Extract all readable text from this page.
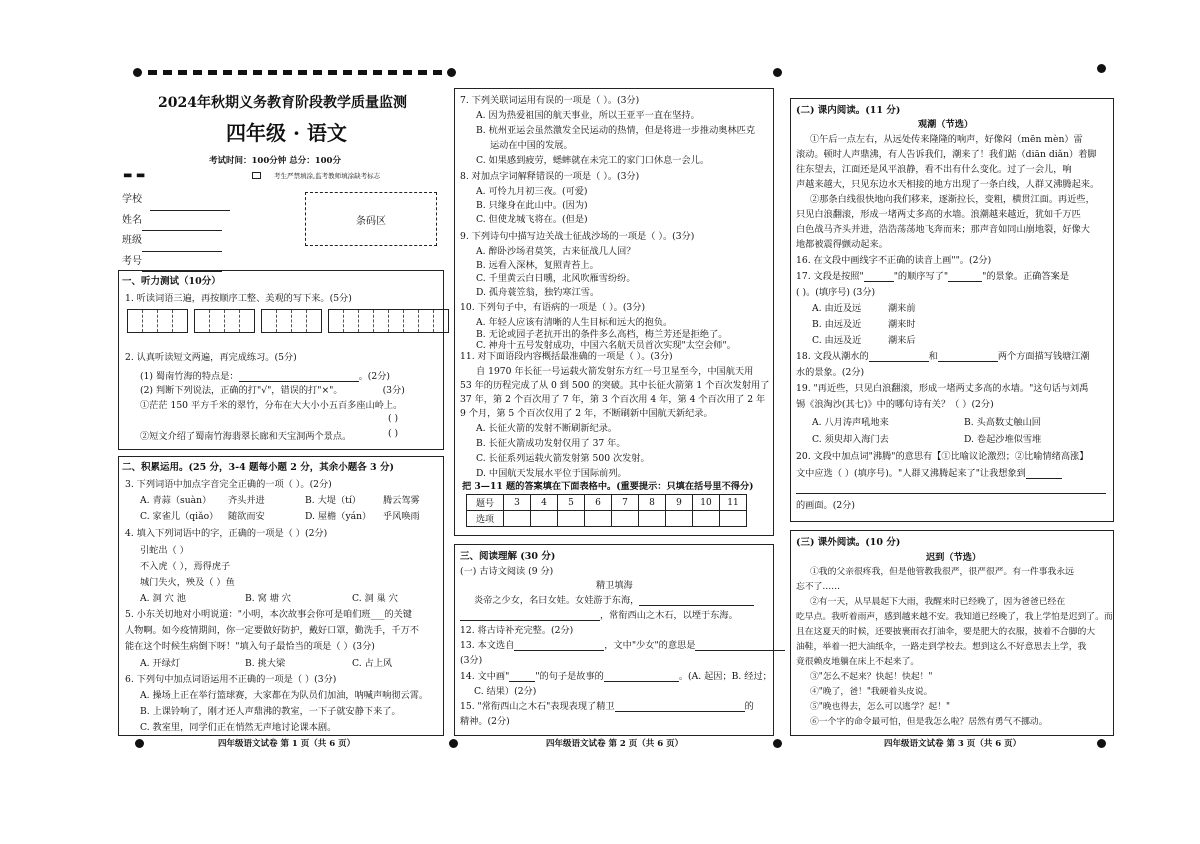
2024年秋期义务教育阶段教学质量监测
四年级 · 语文
考试时间：100分钟 总分：100分
▬ ▬	考生严禁填涂,监考教师填涂缺考标志
学校
姓名
班级
考号
条码区
一、听力测试（10分）
1. 听读词语三遍，再按顺序工整、美观的写下来。(5分)
2. 认真听读短文两遍，再完成练习。(5分)
(1) 蜀南竹海的特点是：	。(2分)
(2) 判断下列说法，正确的打"√"，错误的打"×"。	(3分)
①茫茫 150 平方千米的翠竹，分布在大大小小五百多座山岭上。
( )
②短文介绍了蜀南竹海翡翠长廊和天宝洞两个景点。	( )
二、积累运用。(25 分，3-4 题每小题 2 分，其余小题各 3 分)
3. 下列词语中加点字音完全正确的一项（ ）。(2分)
A. 青蒜（suàn） 齐头并进	B. 大堤（tí） 腾云驾雾
C. 家雀儿（qiǎo） 随欲而安	D. 屋檐（yán） 乎风唤雨
4. 填入下列词语中的字，正确的一项是（ ）(2分)
引蛇出（ ）
不入虎（ ），焉得虎子
城门失火，殃及（ ）鱼
A. 洞 穴 池	B. 窝 塘 穴	C. 洞 巢 穴
5. 小东关切地对小明说道："小明，本次故事会你可是咱们班___的关键
人物啊。如今疫情期间，你一定要做好防护，戴好口罩，勤洗手，千万不
能在这个时候生病倒下呀！"填入句子最恰当的项是（ ）(3分)
A. 开绿灯	B. 挑大梁	C. 占上风
6. 下列句中加点词语运用不正确的一项是（ ）(3分)
A. 操场上正在举行篮球赛，大家都在为队员们加油，呐喊声响彻云霄。
B. 上课铃响了，刚才还人声鼎沸的教室，一下子就安静下来了。
C. 教室里，同学们正在悄然无声地讨论课本剧。
四年级语文试卷 第 1 页（共 6 页）
7. 下列关联词运用有误的一项是（ ）。(3分)
A. 因为热爱祖国的航天事业，所以王亚平一直在坚持。
B. 杭州亚运会虽然激发全民运动的热情，但是将进一步推动奥林匹克
运动在中国的发展。
C. 如果感到疲劳，蟋蟀就在未完工的家门口休息一会儿。
8. 对加点字词解释错误的一项是（ ）。(3分)
A. 可怜九月初三夜。(可爱)
B. 只缘身在此山中。(因为)
C. 但使龙城飞将在。(但是)
9. 下列诗句中描写边关战士征战沙场的一项是（ ）。(3分)
A. 醉卧沙场君莫笑，古来征战几人回？
B. 远看入深林，复照青苔上。
C. 千里黄云白日曛，北风吹雁雪纷纷。
D. 孤舟蓑笠翁，独钓寒江雪。
10. 下列句子中，有语病的一项是（ ）。(3分)
A. 年轻人应该有清晰的人生目标和远大的抱负。
B. 无论或园子老抗开出的条件多么高档，梅兰芳还是拒绝了。
C. 神舟十五号发射成功，中国六名航天员首次实现"太空会师"。
11. 对下面语段内容概括最准确的一项是（ ）。(3分)
自 1970 年长征一号运载火箭发射东方红一号卫星至今，中国航天用
53 年的历程完成了从 0 到 500 的突破。其中长征火箭第 1 个百次发射用了
37 年，第 2 个百次用了 7 年，第 3 个百次用 4 年，第 4 个百次用了 2 年
9 个月，第 5 个百次仅用了 2 年，不断刷新中国航天新纪录。
A. 长征火箭的发射不断刷新纪录。
B. 长征火箭成功发射仅用了 37 年。
C. 长征系列运载火箭发射第 500 次发射。
D. 中国航天发展水平位于国际前列。
把 3—11 题的答案填在下面表格中。(重要提示：只填在括号里不得分)
题号	3	4	5	6	7	8	9	10	11
选项									
三、阅读理解 (30 分)
(一) 古诗文阅读 (9 分)
精卫填海
炎帝之少女，名曰女娃。女娃游于东海，
，常衔西山之木石，以堙于东海。
12. 将古诗补充完整。(2分)
13. 本文选自	，文中"少女"的意思是
(3分)
14. 文中画"	"的句子是故事的	。(A. 起因；B. 经过；
C. 结果）(2分)
15. "常衔西山之木石"表现表现了精卫	的
精神。(2分)
四年级语文试卷 第 2 页（共 6 页）
(二) 课内阅读。(11 分)
观潮（节选）
①午后一点左右，从远处传来隆隆的响声，好像闷（mēn mèn）雷
滚动。顿时人声鼎沸，有人告诉我们，潮来了！我们踮（diān diǎn）着脚
往东望去，江面还是风平浪静，看不出有什么变化。过了一会儿，响
声越来越大，只见东边水天相接的地方出现了一条白线，人群又沸腾起来。
②那条白线很快地向我们移来，逐渐拉长，变粗，横贯江面。再近些，
只见白浪翻滚，形成一堵两丈多高的水墙。浪潮越来越近，犹如千万匹
白色战马齐头并进，浩浩荡荡地飞奔而来；那声音如同山崩地裂，好像大
地都被震得颤动起来。
16. 在文段中画线字不正确的读音上画""。(2分)
17. 文段是按照"	"的顺序写了"	"的景象。正确答案是
( )。(填序号) (3分)
A. 由近及远	潮来前
B. 由远及近	潮来时
C. 由远及近	潮来后
18. 文段从潮水的	和	两个方面描写钱塘江潮
水的景象。(2分)
19. "再近些，只见白浪翻滚，形成一堵两丈多高的水墙。"这句话与刘禹
锡《浪淘沙(其七)》中的哪句诗有关？（ ）(2分)
A. 八月涛声吼地来	B. 头高数丈触山回
C. 须臾却入海门去	D. 卷起沙堆似雪堆
20. 文段中加点词"沸腾"的意思有【①比喻议论激烈；②比喻情绪高涨】
文中应选（ ）(填序号)。"人群又沸腾起来了"让我想象到
的画面。(2分)
(三) 课外阅读。(10 分)
迟到（节选）
①我的父亲很疼我，但是他管教我很严，很严很严。有一件事我永远
忘不了……
②有一天，从早晨起下大雨，我醒来时已经晚了，因为爸爸已经在
吃早点。我听着雨声，感到越来越不安。我知道已经晚了，我上学怕是迟到了。而
且在这夏天的时候，还要披裹雨衣打油伞，要是肥大的衣服，披着不合脚的大
油鞋，举着一把大油纸伞，一路走到学校去。想到这么不好意思去上学，我
竟很赖皮地躺在床上不起来了。
③"怎么不起来？快起！快起！"
④"晚了，爸！"我硬着头皮说。
⑤"晚也得去，怎么可以逃学？起！"
⑥一个字的命令最可怕，但是我怎么啦？居然有勇气不挪动。
四年级语文试卷 第 3 页（共 6 页）
